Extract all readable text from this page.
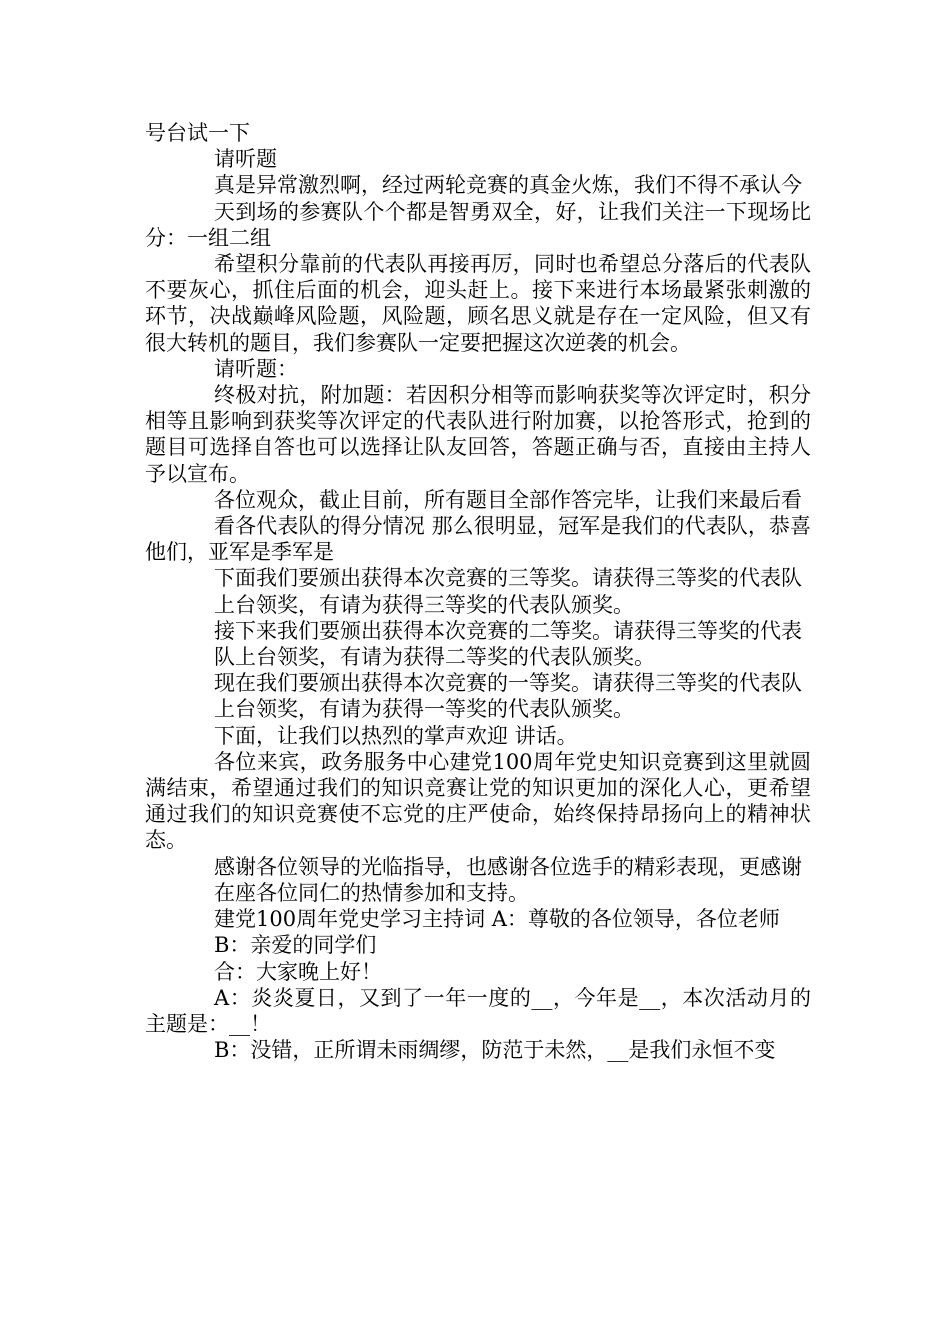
号台试一下

请听题

真是异常激烈啊，经过两轮竞赛的真金火炼，我们不得不承认今

天到场的参赛队个个都是智勇双全，好，让我们关注一下现场比分：一组二组

希望积分靠前的代表队再接再厉，同时也希望总分落后的代表队不要灰心，抓住后面的机会，迎头赶上。接下来进行本场最紧张刺激的环节，决战巅峰风险题，风险题，顾名思义就是存在一定风险，但又有很大转机的题目，我们参赛队一定要把握这次逆袭的机会。

请听题：

终极对抗，附加题：若因积分相等而影响获奖等次评定时，积分相等且影响到获奖等次评定的代表队进行附加赛，以抢答形式，抢到的题目可选择自答也可以选择让队友回答，答题正确与否，直接由主持人予以宣布。

各位观众，截止目前，所有题目全部作答完毕，让我们来最后看

看各代表队的得分情况 那么很明显，冠军是我们的代表队，恭喜他们，亚军是季军是

下面我们要颁出获得本次竞赛的三等奖。请获得三等奖的代表队

上台领奖，有请为获得三等奖的代表队颁奖。

接下来我们要颁出获得本次竞赛的二等奖。请获得三等奖的代表

队上台领奖，有请为获得二等奖的代表队颁奖。

现在我们要颁出获得本次竞赛的一等奖。请获得三等奖的代表队

上台领奖，有请为获得一等奖的代表队颁奖。

下面，让我们以热烈的掌声欢迎 讲话。

各位来宾，政务服务中心建党100周年党史知识竞赛到这里就圆满结束，希望通过我们的知识竞赛让党的知识更加的深化人心，更希望通过我们的知识竞赛使不忘党的庄严使命，始终保持昂扬向上的精神状态。

感谢各位领导的光临指导，也感谢各位选手的精彩表现，更感谢

在座各位同仁的热情参加和支持。

建党100周年党史学习主持词 A：尊敬的各位领导，各位老师

B：亲爱的同学们

合：大家晚上好！

A：炎炎夏日，又到了一年一度的__，今年是__，本次活动月的主题是：__！

B：没错，正所谓未雨绸缪，防范于未然，__是我们永恒不变
